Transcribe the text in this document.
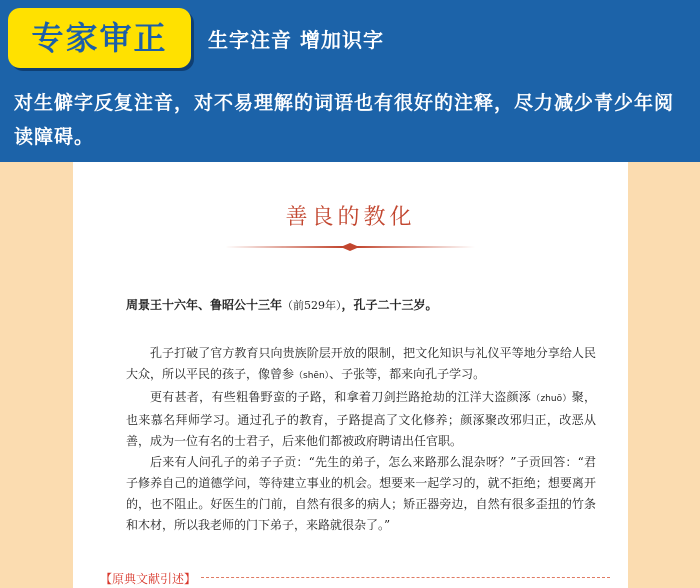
专家审正	生字注音 增加识字
对生僻字反复注音，对不易理解的词语也有很好的注释，尽力减少青少年阅读障碍。
善良的教化
周景王十六年、鲁昭公十三年（前529年），孔子二十三岁。

孔子打破了官方教育只向贵族阶层开放的限制，把文化知识与礼仪平等地分享给人民大众，所以平民的孩子，像曾参（shēn）、子张等，都来向孔子学习。

更有甚者，有些粗鲁野蛮的子路，和拿着刀剑拦路抢劫的江洋大盗颜涿（zhuō）聚，也来慕名拜师学习。通过孔子的教育，子路提高了文化修养；颜涿聚改邪归正，改恶从善，成为一位有名的士君子，后来他们都被政府聘请出任官职。

后来有人问孔子的弟子子贡：“先生的弟子，怎么来路那么混杂呀？”子贡回答：“君子修养自己的道德学问，等待建立事业的机会。想要来一起学习的，就不拒绝；想要离开的，也不阻止。好医生的门前，自然有很多的病人；矫正器旁边，自然有很多歪扭的竹条和木材，所以我老师的门下弟子，来路就很杂了。”

【原典文献引述】
